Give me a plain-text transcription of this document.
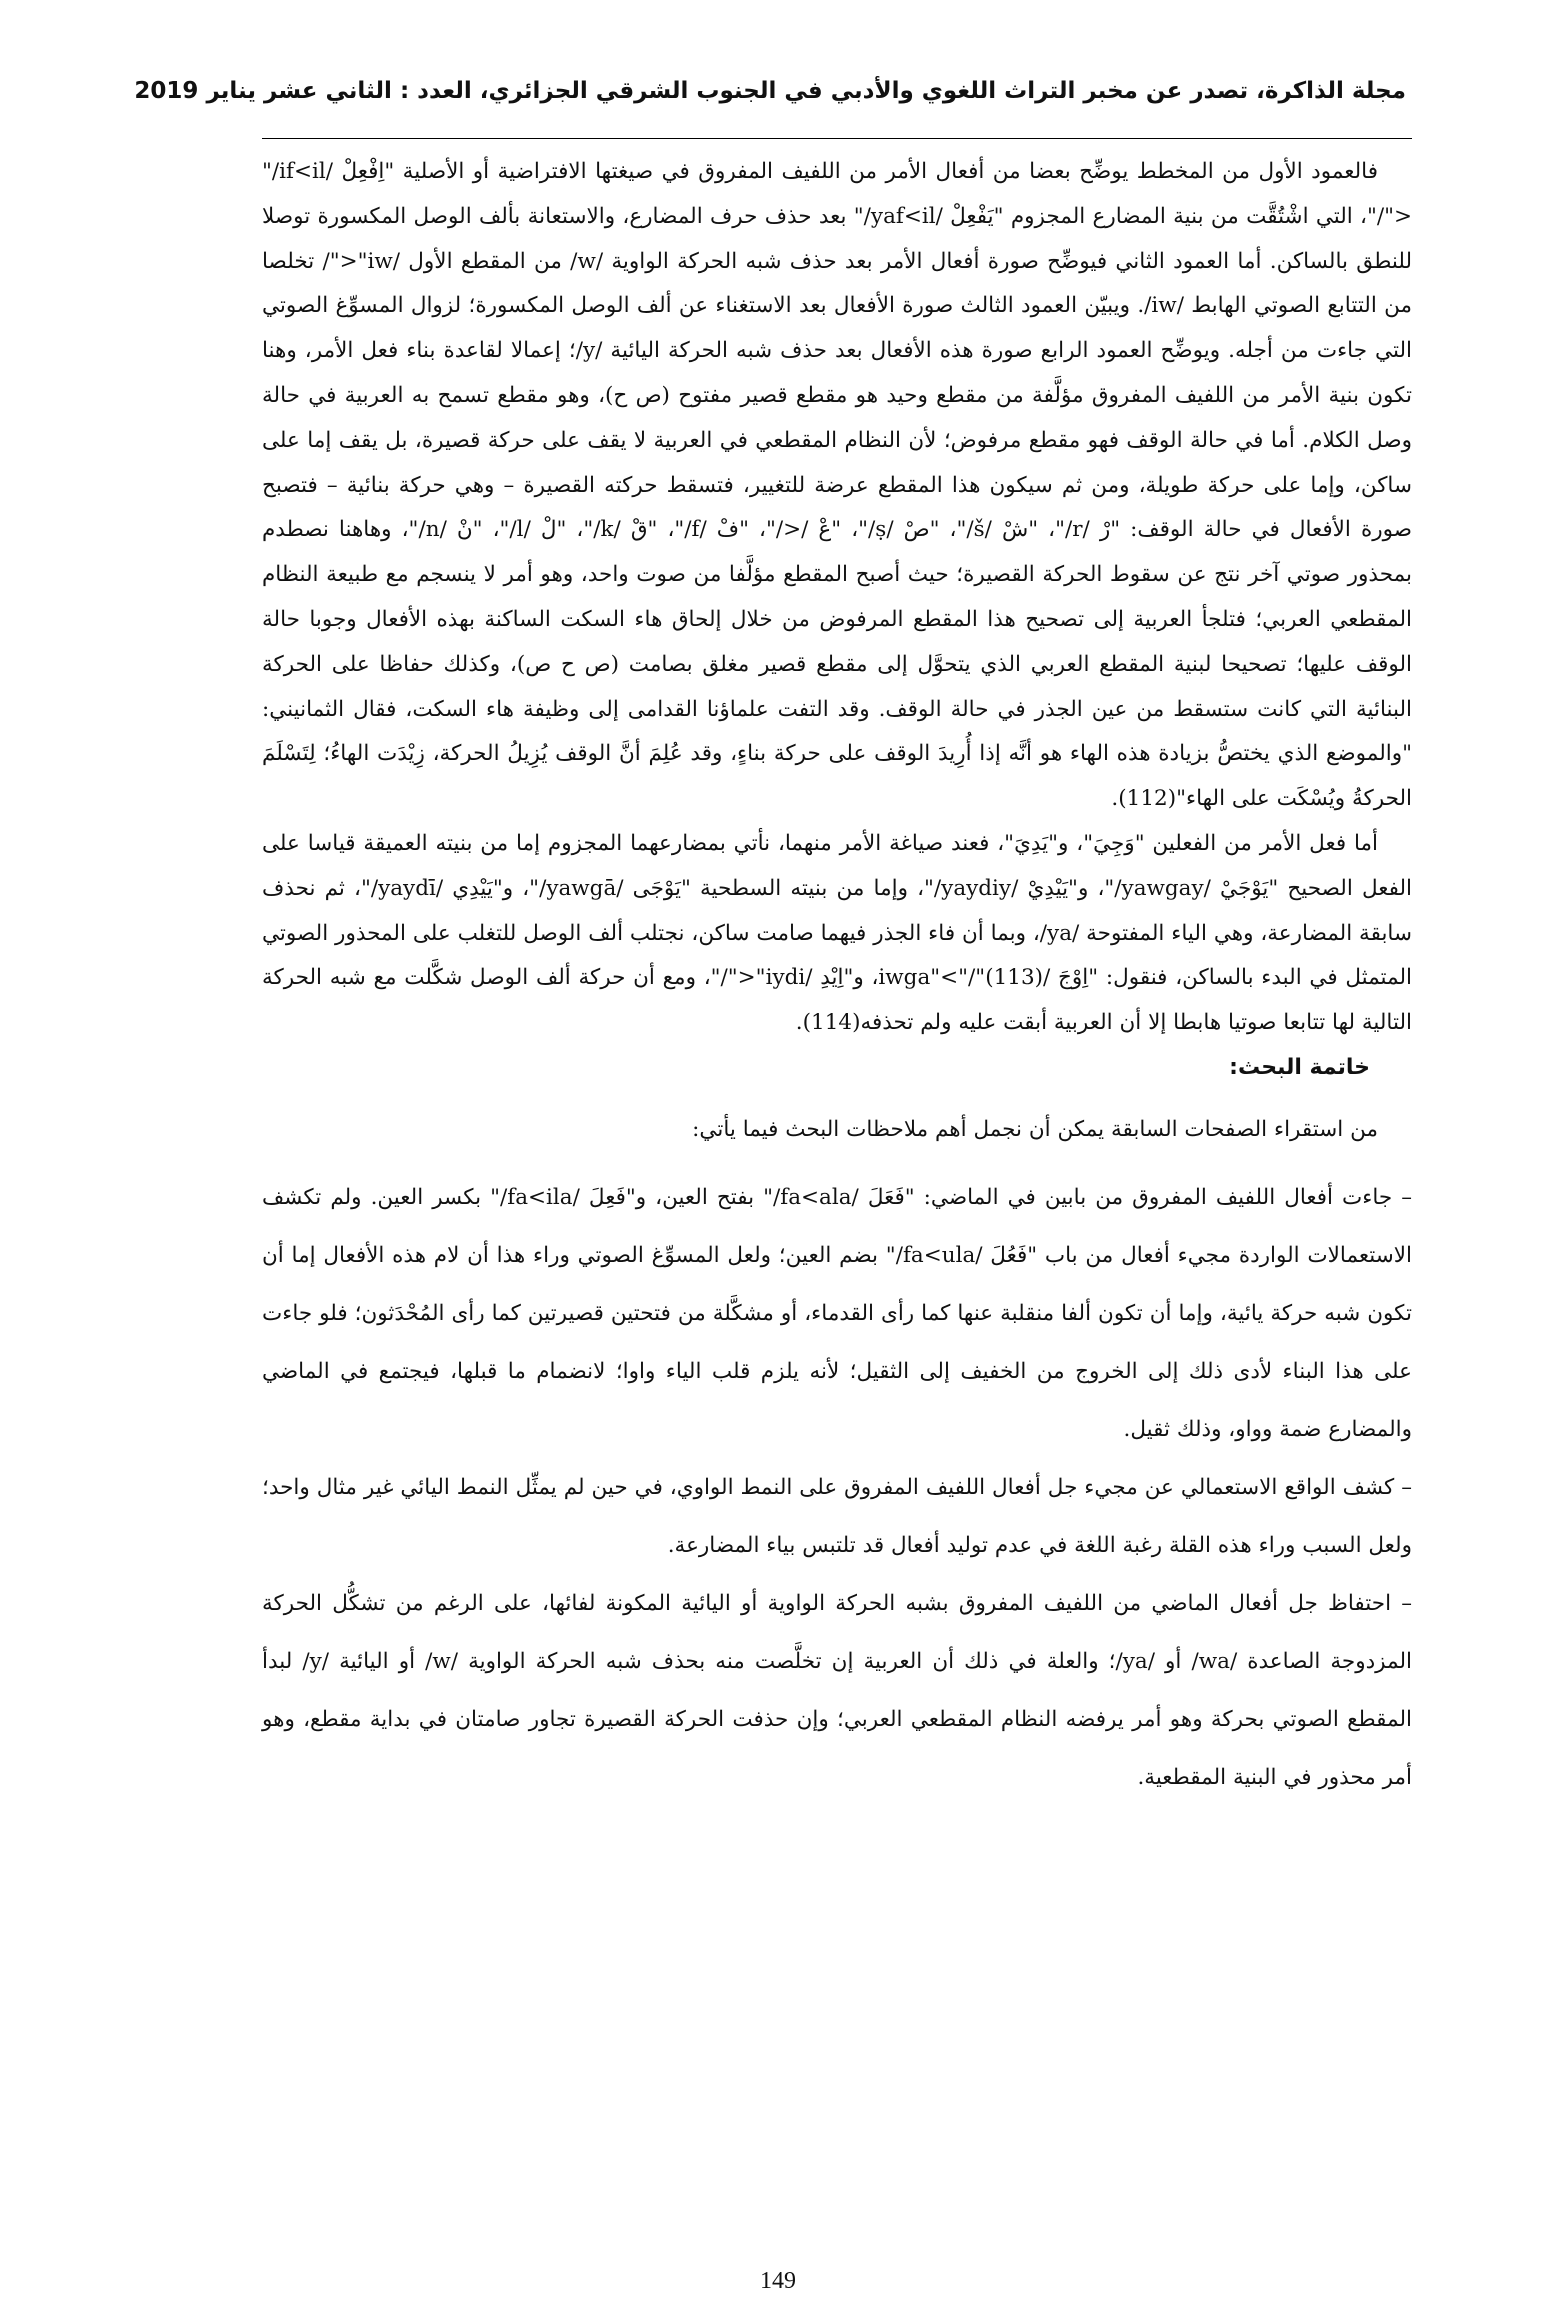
مجلة الذاكرة، تصدر عن مخبر التراث اللغوي والأدبي في الجنوب الشرقي الجزائري، العدد : الثاني عشر يناير 2019

فالعمود الأول من المخطط يوضِّح بعضا من أفعال الأمر من اللفيف المفروق في صيغتها الافتراضية أو الأصلية "اِفْعِلْ /if<il/"<"/"، التي اشْتُقَّت من بنية المضارع المجزوم "يَفْعِلْ /yaf<il/" بعد حذف حرف المضارع، والاستعانة بألف الوصل المكسورة توصلا للنطق بالساكن. أما العمود الثاني فيوضِّح صورة أفعال الأمر بعد حذف شبه الحركة الواوية /w/ من المقطع الأول /iw"<"/ تخلصا من التتابع الصوتي الهابط /iw/. ويبيّن العمود الثالث صورة الأفعال بعد الاستغناء عن ألف الوصل المكسورة؛ لزوال المسوِّغ الصوتي التي جاءت من أجله. ويوضِّح العمود الرابع صورة هذه الأفعال بعد حذف شبه الحركة اليائية /y/؛ إعمالا لقاعدة بناء فعل الأمر، وهنا تكون بنية الأمر من اللفيف المفروق مؤلَّفة من مقطع وحيد هو مقطع قصير مفتوح (ص ح)، وهو مقطع تسمح به العربية في حالة وصل الكلام. أما في حالة الوقف فهو مقطع مرفوض؛ لأن النظام المقطعي في العربية لا يقف على حركة قصيرة، بل يقف إما على ساكن، وإما على حركة طويلة، ومن ثم سيكون هذا المقطع عرضة للتغيير، فتسقط حركته القصيرة – وهي حركة بنائية – فتصبح صورة الأفعال في حالة الوقف: "رْ /r/"، "شْ /š/"، "صْ /ṣ/"، "عْ /</"، "فْ /f/"، "قْ /k/"، "لْ /l/"، "نْ /n/"، وهاهنا نصطدم بمحذور صوتي آخر نتج عن سقوط الحركة القصيرة؛ حيث أصبح المقطع مؤلَّفا من صوت واحد، وهو أمر لا ينسجم مع طبيعة النظام المقطعي العربي؛ فتلجأ العربية إلى تصحيح هذا المقطع المرفوض من خلال إلحاق هاء السكت الساكنة بهذه الأفعال وجوبا حالة الوقف عليها؛ تصحيحا لبنية المقطع العربي الذي يتحوَّل إلى مقطع قصير مغلق بصامت (ص ح ص)، وكذلك حفاظا على الحركة البنائية التي كانت ستسقط من عين الجذر في حالة الوقف. وقد التفت علماؤنا القدامى إلى وظيفة هاء السكت، فقال الثمانيني: "والموضع الذي يختصُّ بزيادة هذه الهاء هو أنَّه إذا أُرِيدَ الوقف على حركة بناءٍ، وقد عُلِمَ أنَّ الوقف يُزِيلُ الحركة، زِيْدَت الهاءُ؛ لِتَسْلَمَ الحركةُ ويُسْكَت على الهاء"(112).

أما فعل الأمر من الفعلين "وَجِيَ"، و"يَدِيَ"، فعند صياغة الأمر منهما، نأتي بمضارعهما المجزوم إما من بنيته العميقة قياسا على الفعل الصحيح "يَوْجَيْ /yawgay/"، و"يَيْدِيْ /yaydiy/"، وإما من بنيته السطحية "يَوْجَى /yawgā/"، و"يَيْدِي /yaydī/"، ثم نحذف سابقة المضارعة، وهي الياء المفتوحة /ya/، وبما أن فاء الجذر فيهما صامت ساكن، نجتلب ألف الوصل للتغلب على المحذور الصوتي المتمثل في البدء بالساكن، فنقول: "اِوْجَ /iwga"<"/"(113)، و"اِيْدِ /iydi"<"/"، ومع أن حركة ألف الوصل شكَّلت مع شبه الحركة التالية لها تتابعا صوتيا هابطا إلا أن العربية أبقت عليه ولم تحذفه(114).

خاتمة البحث:

من استقراء الصفحات السابقة يمكن أن نجمل أهم ملاحظات البحث فيما يأتي:

– جاءت أفعال اللفيف المفروق من بابين في الماضي: "فَعَلَ /fa<ala/" بفتح العين، و"فَعِلَ /fa<ila/" بكسر العين. ولم تكشف الاستعمالات الواردة مجيء أفعال من باب "فَعُلَ /fa<ula/" بضم العين؛ ولعل المسوِّغ الصوتي وراء هذا أن لام هذه الأفعال إما أن تكون شبه حركة يائية، وإما أن تكون ألفا منقلبة عنها كما رأى القدماء، أو مشكَّلة من فتحتين قصيرتين كما رأى المُحْدَثون؛ فلو جاءت على هذا البناء لأدى ذلك إلى الخروج من الخفيف إلى الثقيل؛ لأنه يلزم قلب الياء واوا؛ لانضمام ما قبلها، فيجتمع في الماضي والمضارع ضمة وواو، وذلك ثقيل.

– كشف الواقع الاستعمالي عن مجيء جل أفعال اللفيف المفروق على النمط الواوي، في حين لم يمثِّل النمط اليائي غير مثال واحد؛ ولعل السبب وراء هذه القلة رغبة اللغة في عدم توليد أفعال قد تلتبس بياء المضارعة.

– احتفاظ جل أفعال الماضي من اللفيف المفروق بشبه الحركة الواوية أو اليائية المكونة لفائها، على الرغم من تشكُّل الحركة المزدوجة الصاعدة /wa/ أو /ya/؛ والعلة في ذلك أن العربية إن تخلَّصت منه بحذف شبه الحركة الواوية /w/ أو اليائية /y/ لبدأ المقطع الصوتي بحركة وهو أمر يرفضه النظام المقطعي العربي؛ وإن حذفت الحركة القصيرة تجاور صامتان في بداية مقطع، وهو أمر محذور في البنية المقطعية.

149
